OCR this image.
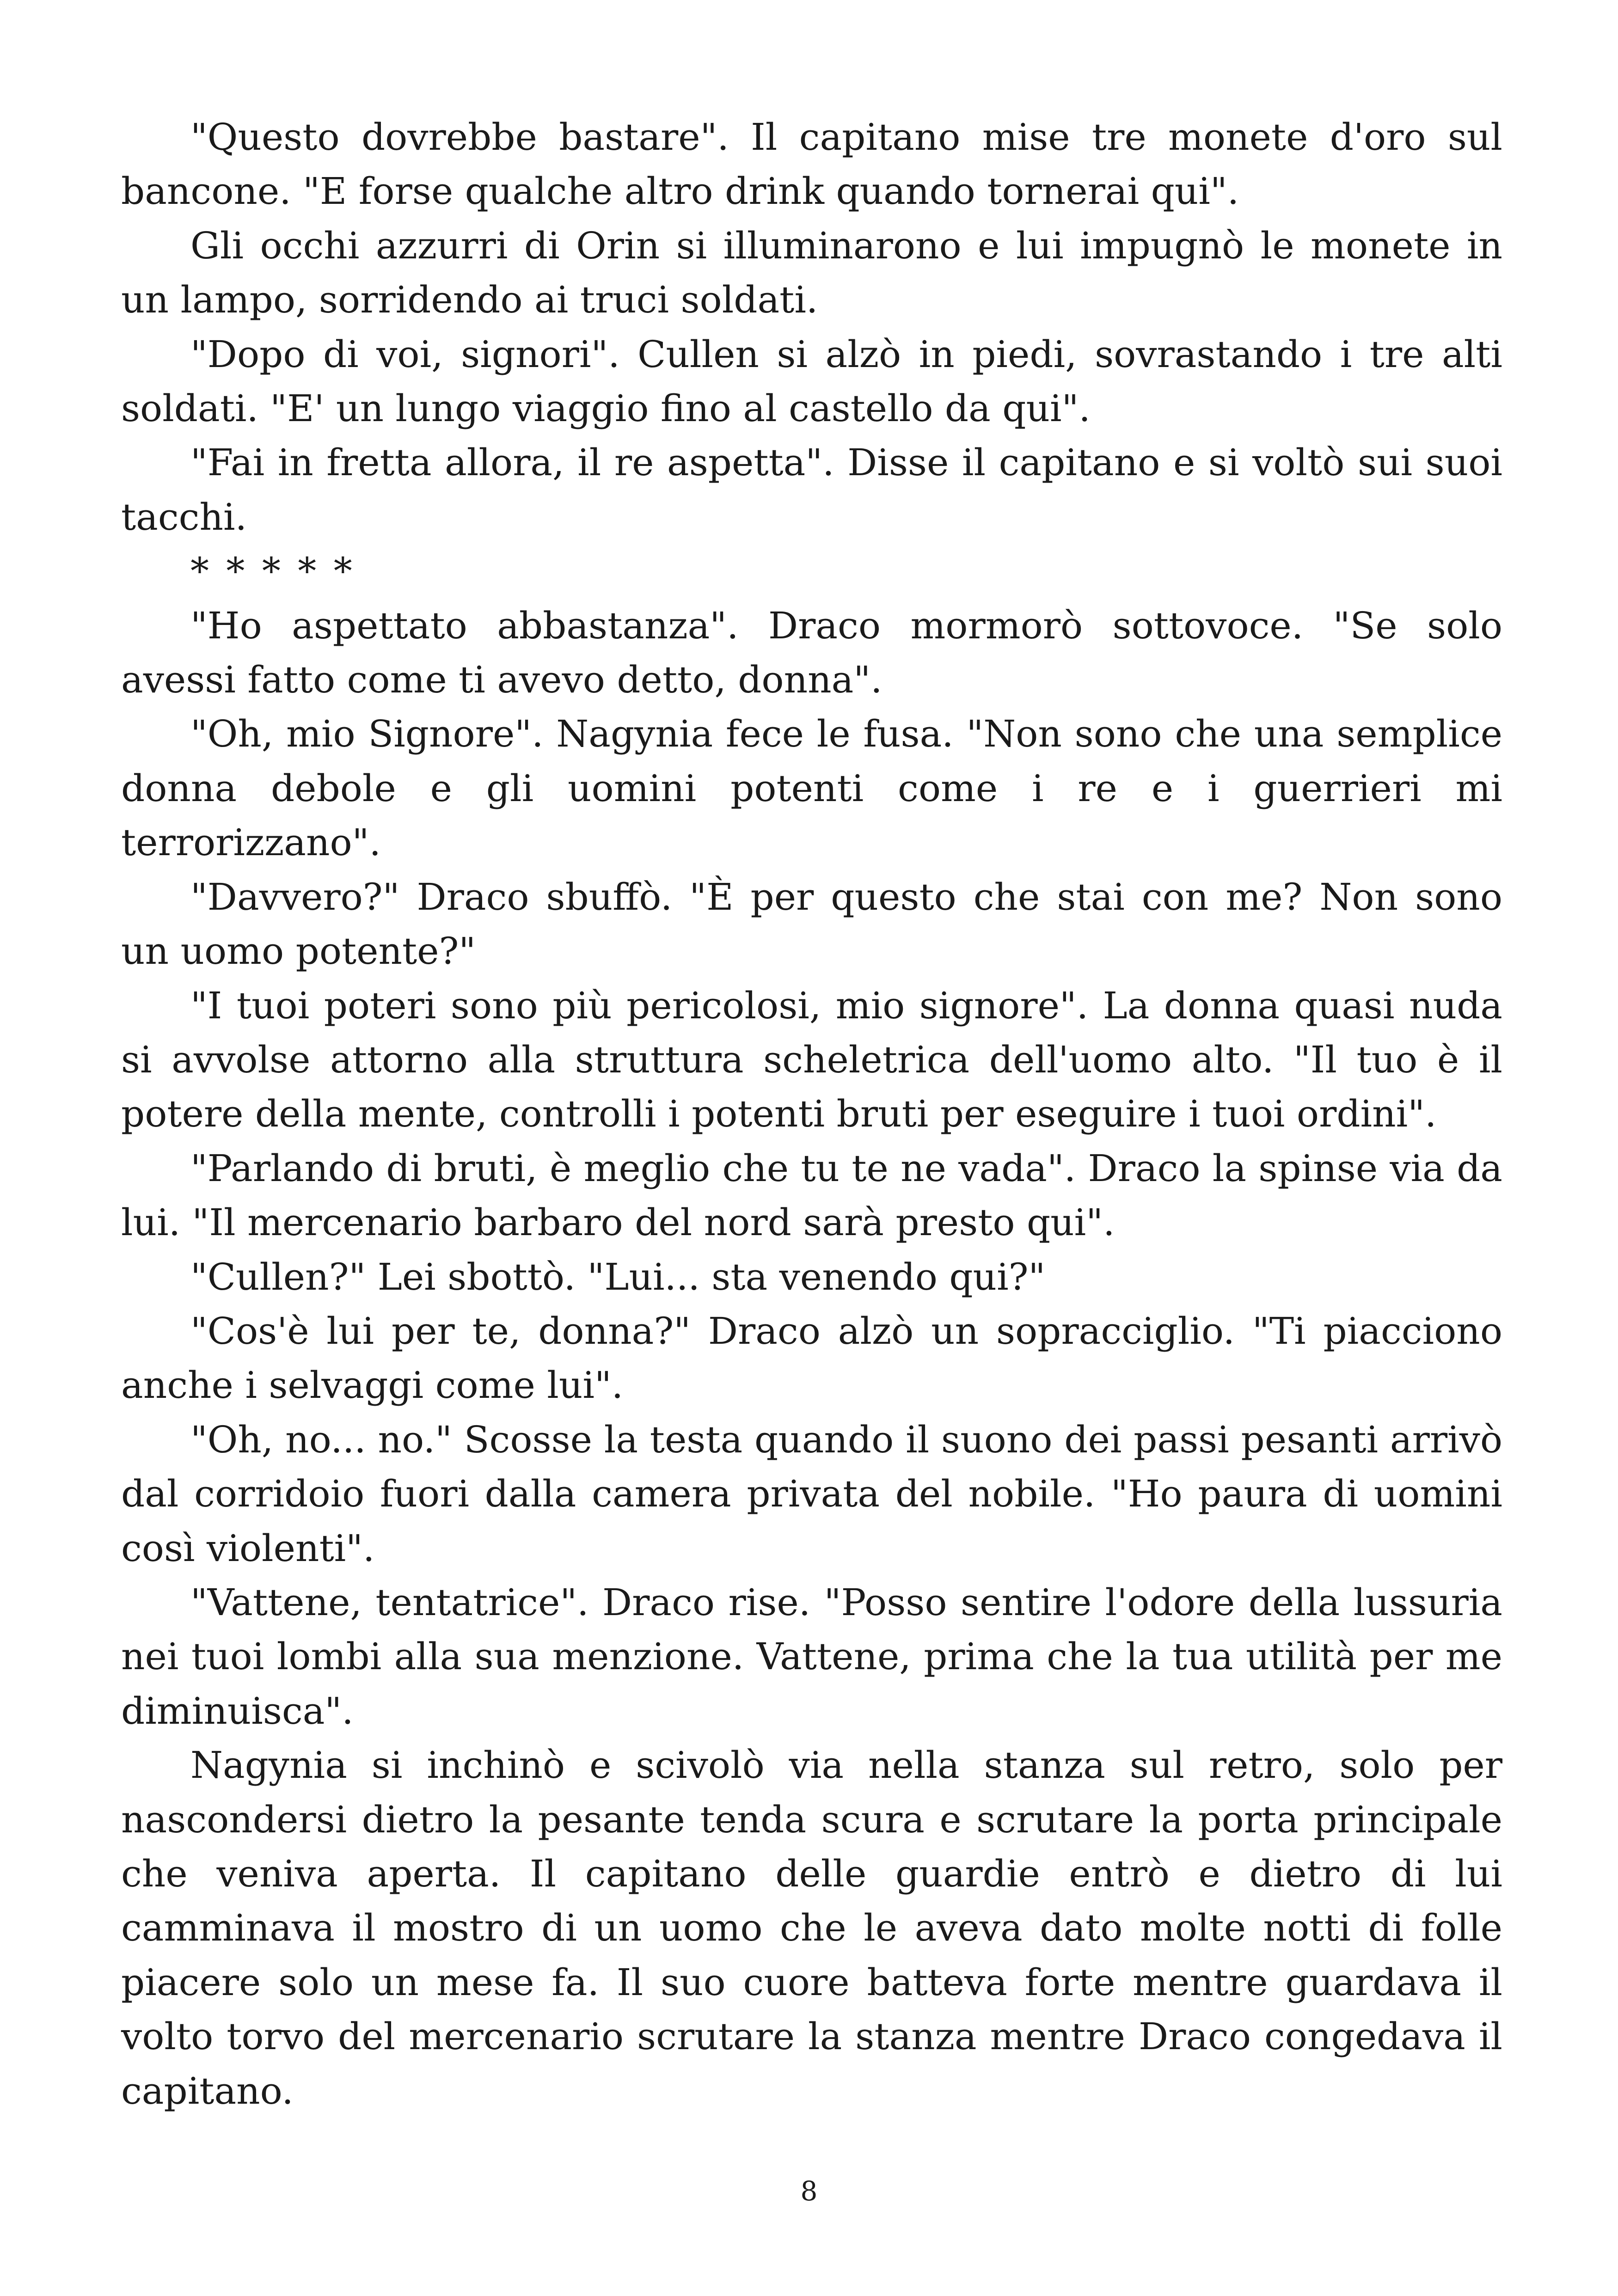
"Questo dovrebbe bastare". Il capitano mise tre monete d'oro sul bancone. "E forse qualche altro drink quando tornerai qui".

Gli occhi azzurri di Orin si illuminarono e lui impugnò le monete in un lampo, sorridendo ai truci soldati.

"Dopo di voi, signori". Cullen si alzò in piedi, sovrastando i tre alti soldati. "E' un lungo viaggio fino al castello da qui".

"Fai in fretta allora, il re aspetta". Disse il capitano e si voltò sui suoi tacchi.

* * * * *

"Ho aspettato abbastanza". Draco mormorò sottovoce. "Se solo avessi fatto come ti avevo detto, donna".

"Oh, mio Signore". Nagynia fece le fusa. "Non sono che una semplice donna debole e gli uomini potenti come i re e i guerrieri mi terrorizzano".

"Davvero?" Draco sbuffò. "È per questo che stai con me? Non sono un uomo potente?"

"I tuoi poteri sono più pericolosi, mio signore". La donna quasi nuda si avvolse attorno alla struttura scheletrica dell'uomo alto. "Il tuo è il potere della mente, controlli i potenti bruti per eseguire i tuoi ordini".

"Parlando di bruti, è meglio che tu te ne vada". Draco la spinse via da lui. "Il mercenario barbaro del nord sarà presto qui".

"Cullen?" Lei sbottò. "Lui... sta venendo qui?"

"Cos'è lui per te, donna?" Draco alzò un sopracciglio. "Ti piacciono anche i selvaggi come lui".

"Oh, no... no." Scosse la testa quando il suono dei passi pesanti arrivò dal corridoio fuori dalla camera privata del nobile. "Ho paura di uomini così violenti".

"Vattene, tentatrice". Draco rise. "Posso sentire l'odore della lussuria nei tuoi lombi alla sua menzione. Vattene, prima che la tua utilità per me diminuisca".

Nagynia si inchinò e scivolò via nella stanza sul retro, solo per nascondersi dietro la pesante tenda scura e scrutare la porta principale che veniva aperta. Il capitano delle guardie entrò e dietro di lui camminava il mostro di un uomo che le aveva dato molte notti di folle piacere solo un mese fa. Il suo cuore batteva forte mentre guardava il volto torvo del mercenario scrutare la stanza mentre Draco congedava il capitano.

8
